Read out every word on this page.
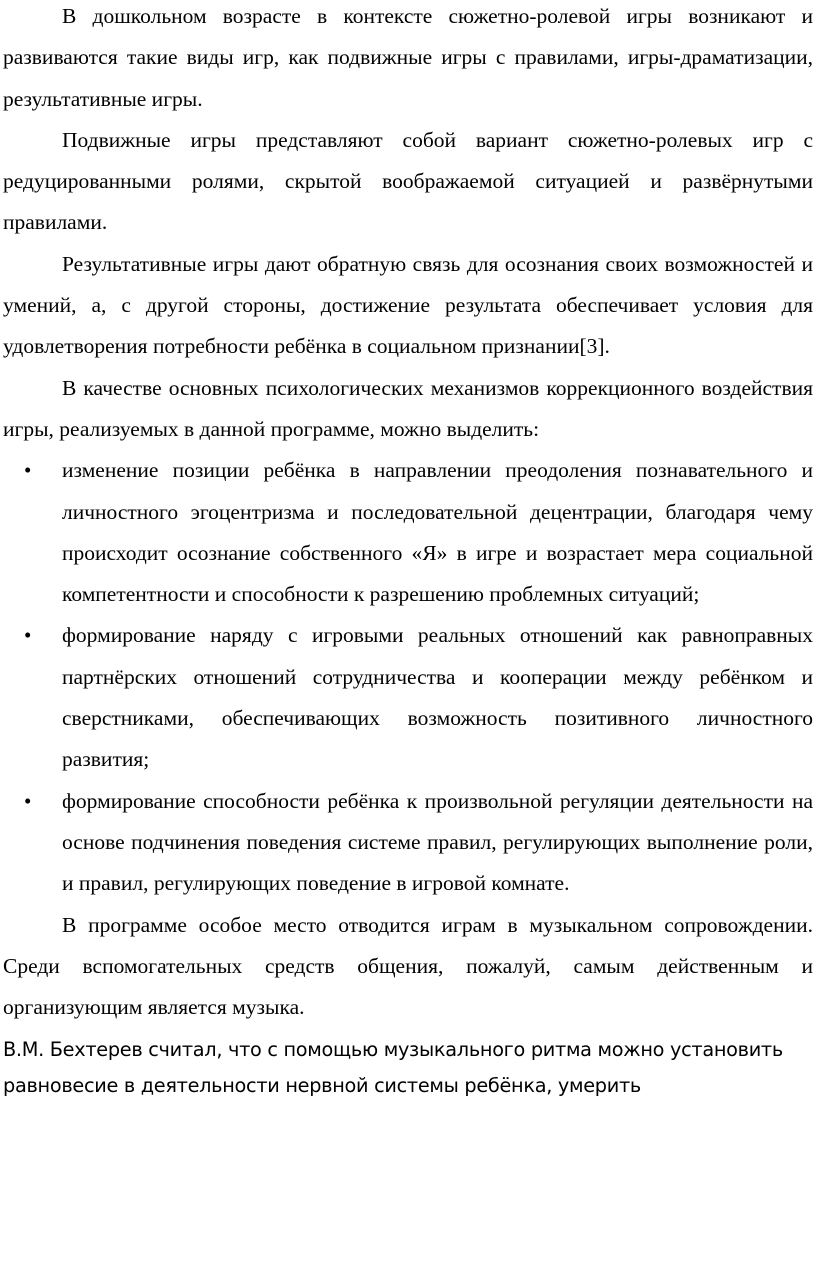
В дошкольном возрасте в контексте сюжетно-ролевой игры возникают и развиваются такие виды игр, как подвижные игры с правилами, игры-драматизации, результативные игры.

Подвижные игры представляют собой вариант сюжетно-ролевых игр с редуцированными ролями, скрытой воображаемой ситуацией и развёрнутыми правилами.

Результативные игры дают обратную связь для осознания своих возможностей и умений, а, с другой стороны, достижение результата обеспечивает условия для удовлетворения потребности ребёнка в социальном признании[3].

В качестве основных психологических механизмов коррекционного воздействия игры, реализуемых в данной программе, можно выделить:

• изменение позиции ребёнка в направлении преодоления познавательного и личностного эгоцентризма и последовательной децентрации, благодаря чему происходит осознание собственного «Я» в игре и возрастает мера социальной компетентности и способности к разрешению проблемных ситуаций;
• формирование наряду с игровыми реальных отношений как равноправных партнёрских отношений сотрудничества и кооперации между ребёнком и сверстниками, обеспечивающих возможность позитивного личностного развития;
• формирование способности ребёнка к произвольной регуляции деятельности на основе подчинения поведения системе правил, регулирующих выполнение роли, и правил, регулирующих поведение в игровой комнате.

В программе особое место отводится играм в музыкальном сопровождении. Среди вспомогательных средств общения, пожалуй, самым действенным и организующим является музыка.

В.М. Бехтерев считал, что с помощью музыкального ритма можно установить равновесие в деятельности нервной системы ребёнка, умерить
